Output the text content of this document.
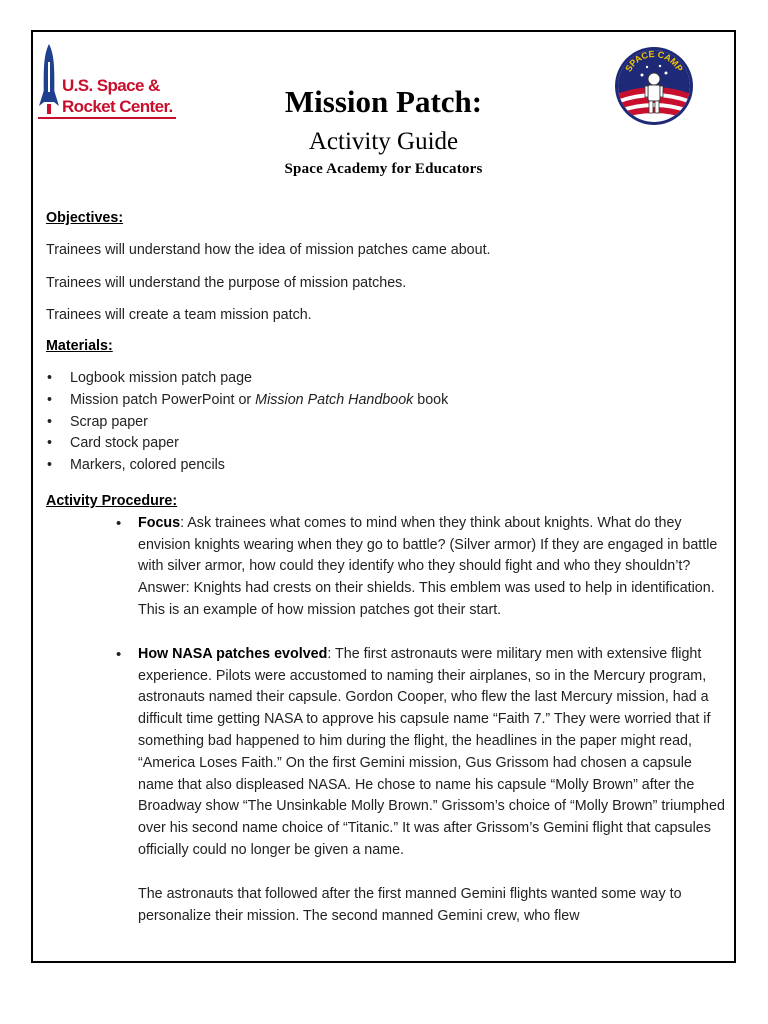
U.S. Space &
Rocket Center.
SPACE CAMP
Mission Patch:
Activity Guide
Space Academy for Educators
Objectives:

Trainees will understand how the idea of mission patches came about.

Trainees will understand the purpose of mission patches.

Trainees will create a team mission patch.

Materials:
• Logbook mission patch page
• Mission patch PowerPoint or Mission Patch Handbook book
• Scrap paper
• Card stock paper
• Markers, colored pencils
Activity Procedure:
• Focus: Ask trainees what comes to mind when they think about knights. What do they envision knights wearing when they go to battle? (Silver armor) If they are engaged in battle with silver armor, how could they identify who they should fight and who they shouldn’t? Answer: Knights had crests on their shields. This emblem was used to help in identification. This is an example of how mission patches got their start.
• How NASA patches evolved: The first astronauts were military men with extensive flight experience. Pilots were accustomed to naming their airplanes, so in the Mercury program, astronauts named their capsule. Gordon Cooper, who flew the last Mercury mission, had a difficult time getting NASA to approve his capsule name “Faith 7.” They were worried that if something bad happened to him during the flight, the headlines in the paper might read, “America Loses Faith.” On the first Gemini mission, Gus Grissom had chosen a capsule name that also displeased NASA. He chose to name his capsule “Molly Brown” after the Broadway show “The Unsinkable Molly Brown.” Grissom’s choice of “Molly Brown” triumphed over his second name choice of “Titanic.” It was after Grissom’s Gemini flight that capsules officially could no longer be given a name.

The astronauts that followed after the first manned Gemini flights wanted some way to personalize their mission. The second manned Gemini crew, who flew
